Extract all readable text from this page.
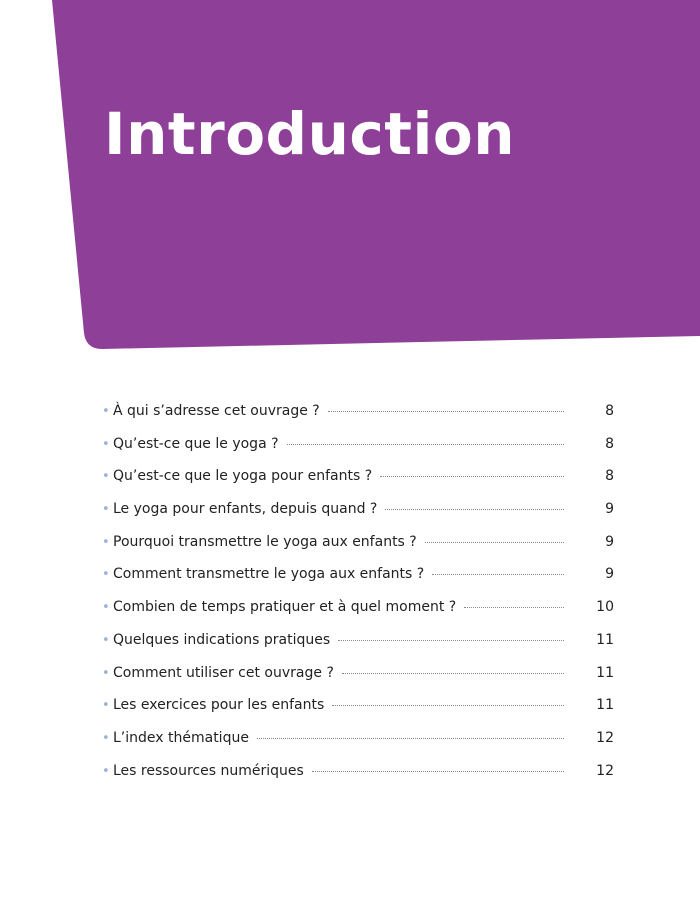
Introduction
• À qui s’adresse cet ouvrage ?	8
• Qu’est-ce que le yoga ?	8
• Qu’est-ce que le yoga pour enfants ?	8
• Le yoga pour enfants, depuis quand ?	9
• Pourquoi transmettre le yoga aux enfants ?	9
• Comment transmettre le yoga aux enfants ?	9
• Combien de temps pratiquer et à quel moment ?	10
• Quelques indications pratiques	11
• Comment utiliser cet ouvrage ?	11
• Les exercices pour les enfants	11
• L’index thématique	12
• Les ressources numériques	12
